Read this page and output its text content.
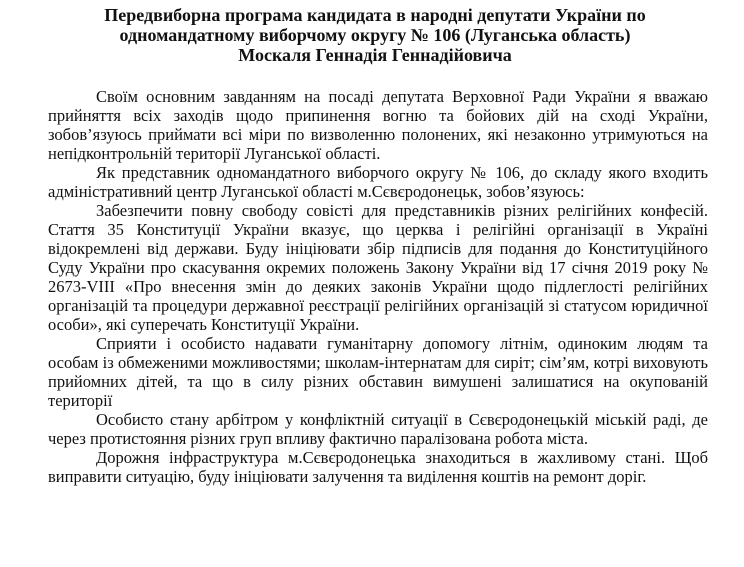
Передвиборна програма кандидата в народні депутати України по
одномандатному виборчому округу № 106 (Луганська область)
Москаля Геннадія Геннадійовича

Своїм основним завданням на посаді депутата Верховної Ради України я вважаю прийняття всіх заходів щодо припинення вогню та бойових дій на сході України, зобов’язуюсь приймати всі міри по визволенню полонених, які незаконно утримуються на непідконтрольній території Луганської області.

Як представник одномандатного виборчого округу № 106, до складу якого входить адміністративний центр Луганської області м.Сєвєродонецьк, зобов’язуюсь:

Забезпечити повну свободу совісті для представників різних релігійних конфесій. Стаття 35 Конституції України вказує, що церква і релігійні організації в Україні відокремлені від держави. Буду ініціювати збір підписів для подання до Конституційного Суду України про скасування окремих положень Закону України від 17 січня 2019 року № 2673-VIII «Про внесення змін до деяких законів України щодо підлеглості релігійних організацій та процедури державної реєстрації релігійних організацій зі статусом юридичної особи», які суперечать Конституції України.

Сприяти і особисто надавати гуманітарну допомогу літнім, одиноким людям та особам із обмеженими можливостями; школам-інтернатам для сиріт; сім’ям, котрі виховують прийомних дітей, та що в силу різних обставин вимушені залишатися на окупованій території

Особисто стану арбітром у конфліктній ситуації в Сєвєродонецькій міській раді, де через протистояння різних груп впливу фактично паралізована робота міста.

Дорожня інфраструктура м.Сєвєродонецька знаходиться в жахливому стані. Щоб виправити ситуацію, буду ініціювати залучення та виділення коштів на ремонт доріг.
